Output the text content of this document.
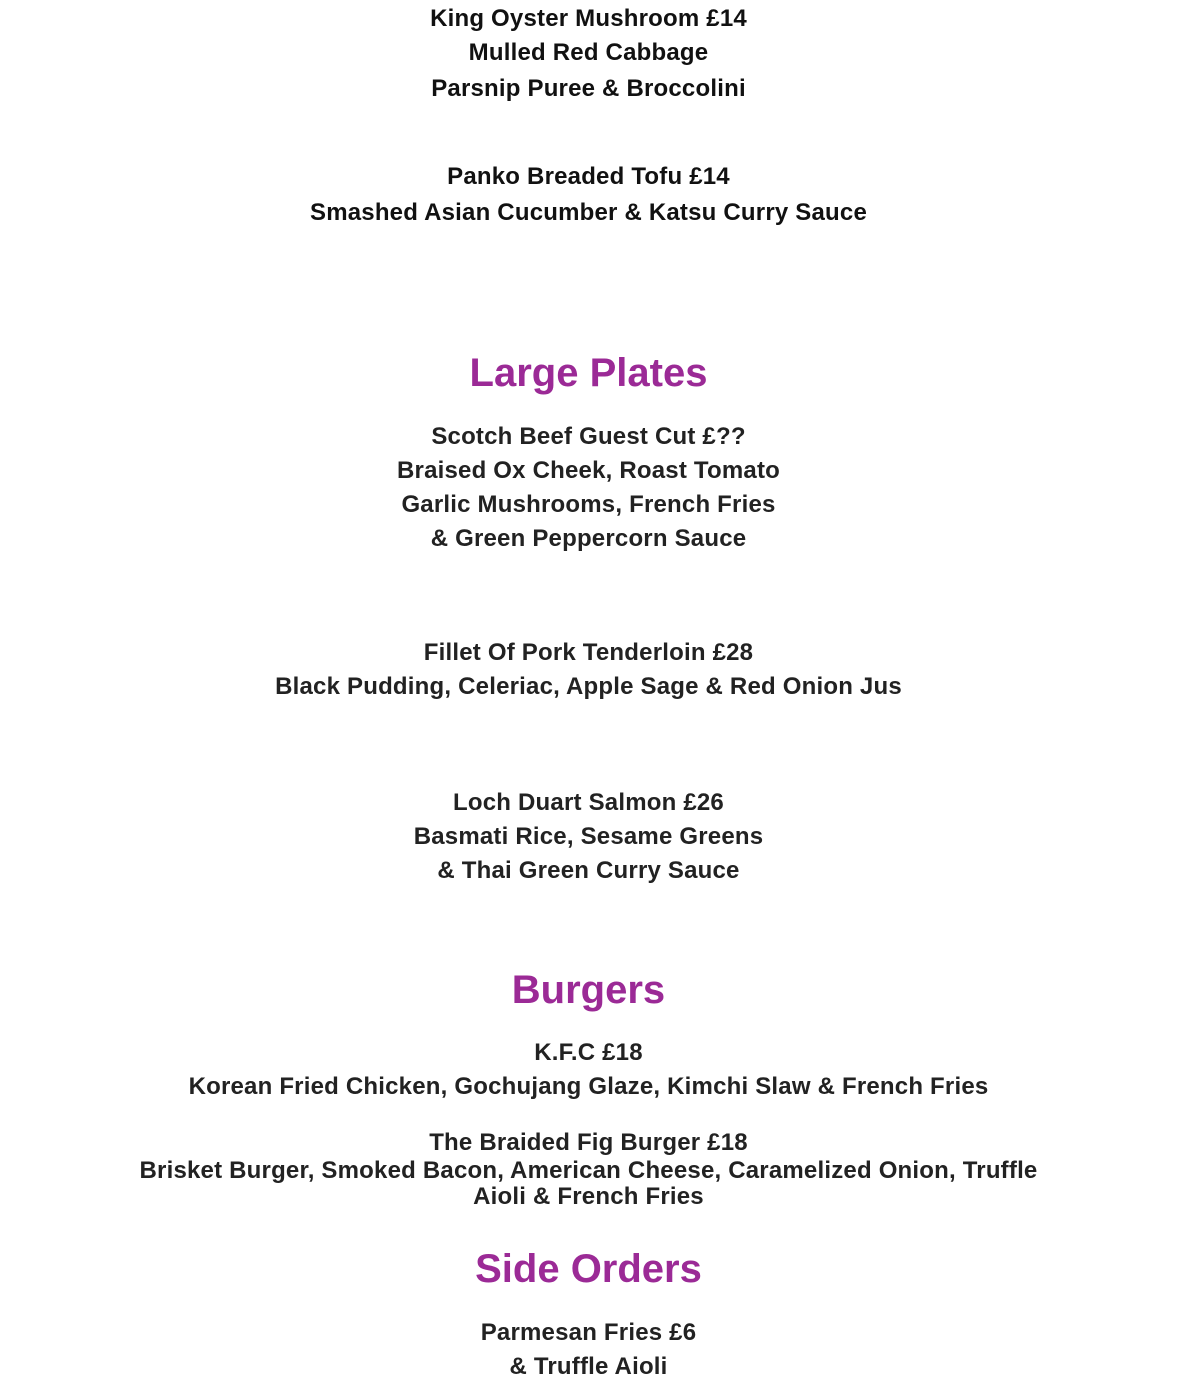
King Oyster Mushroom £14
Mulled Red Cabbage
Parsnip Puree & Broccolini
Panko Breaded Tofu £14
Smashed Asian Cucumber & Katsu Curry Sauce
Large Plates
Scotch Beef Guest Cut £??
Braised Ox Cheek, Roast Tomato
Garlic Mushrooms, French Fries
& Green Peppercorn Sauce
Fillet Of Pork Tenderloin £28
Black Pudding, Celeriac, Apple Sage & Red Onion Jus
Loch Duart Salmon £26
Basmati Rice, Sesame Greens
& Thai Green Curry Sauce
Burgers
K.F.C £18
Korean Fried Chicken, Gochujang Glaze, Kimchi Slaw & French Fries
The Braided Fig Burger £18
Brisket Burger, Smoked Bacon, American Cheese, Caramelized Onion, Truffle
Aioli & French Fries
Side Orders
Parmesan Fries £6
& Truffle Aioli
